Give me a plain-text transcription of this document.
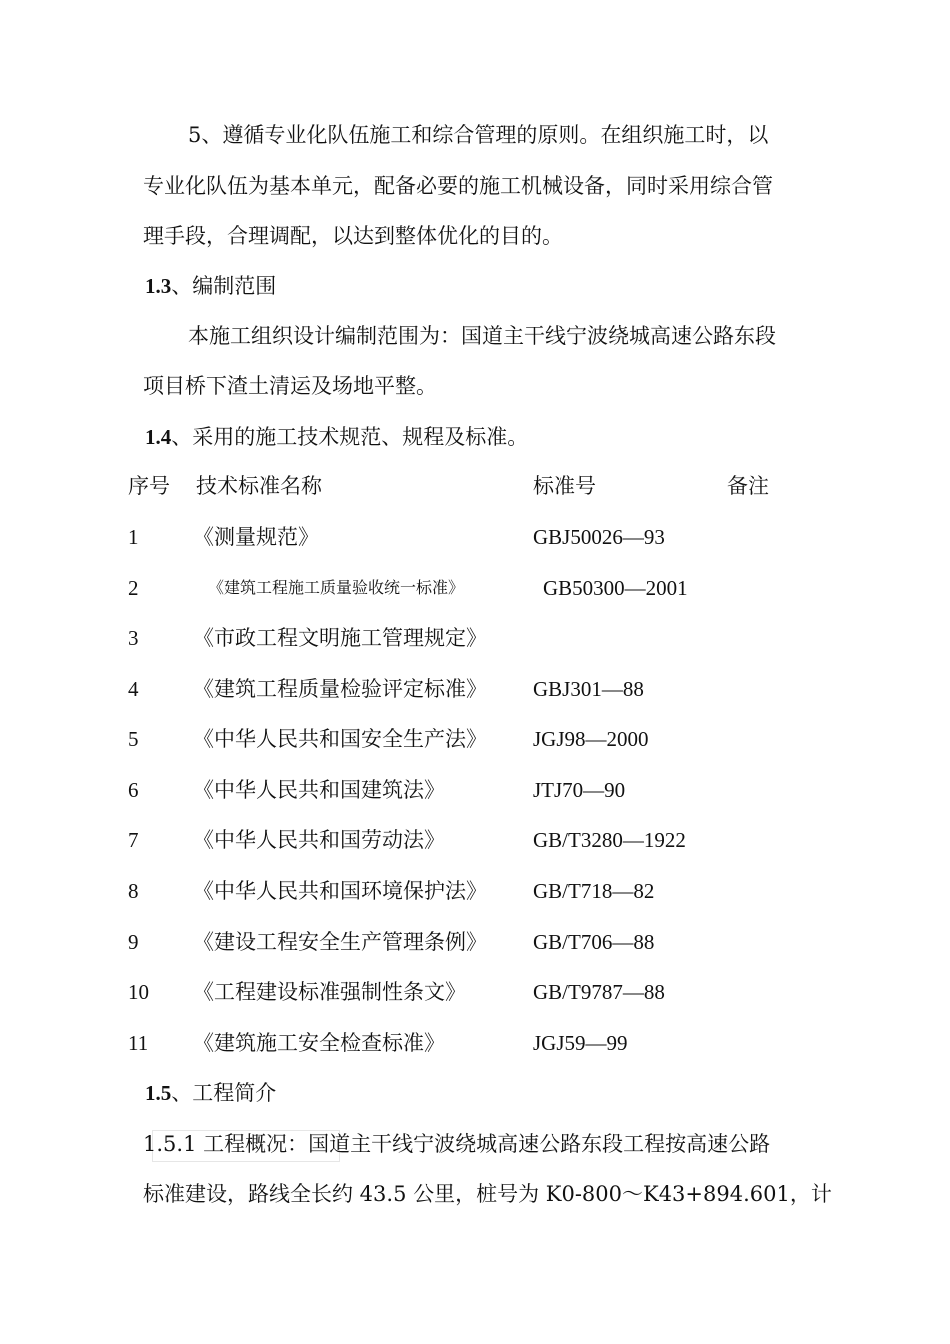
5、遵循专业化队伍施工和综合管理的原则。在组织施工时，以
专业化队伍为基本单元，配备必要的施工机械设备，同时采用综合管
理手段，合理调配，以达到整体优化的目的。
1.3、编制范围
本施工组织设计编制范围为：国道主干线宁波绕城高速公路东段
项目桥下渣土清运及场地平整。
1.4、采用的施工技术规范、规程及标准。
序号 技术标准名称	标准号	备注
1	《测量规范》	GBJ50026—93
2	《建筑工程施工质量验收统一标准》	GB50300—2001
3	《市政工程文明施工管理规定》
4	《建筑工程质量检验评定标准》 GBJ301—88
5	《中华人民共和国安全生产法》 JGJ98—2000
6	《中华人民共和国建筑法》	JTJ70—90
7	《中华人民共和国劳动法》	GB/T3280—1922
8	《中华人民共和国环境保护法》 GB/T718—82
9	《建设工程安全生产管理条例》 GB/T706—88
10 《工程建设标准强制性条文》	GB/T9787—88
11 《建筑施工安全检查标准》	JGJ59—99
1.5、工程简介
1.5.1 工程概况：国道主干线宁波绕城高速公路东段工程按高速公路
标准建设，路线全长约 43.5 公里，桩号为 K0-800～K43+894.601，计
